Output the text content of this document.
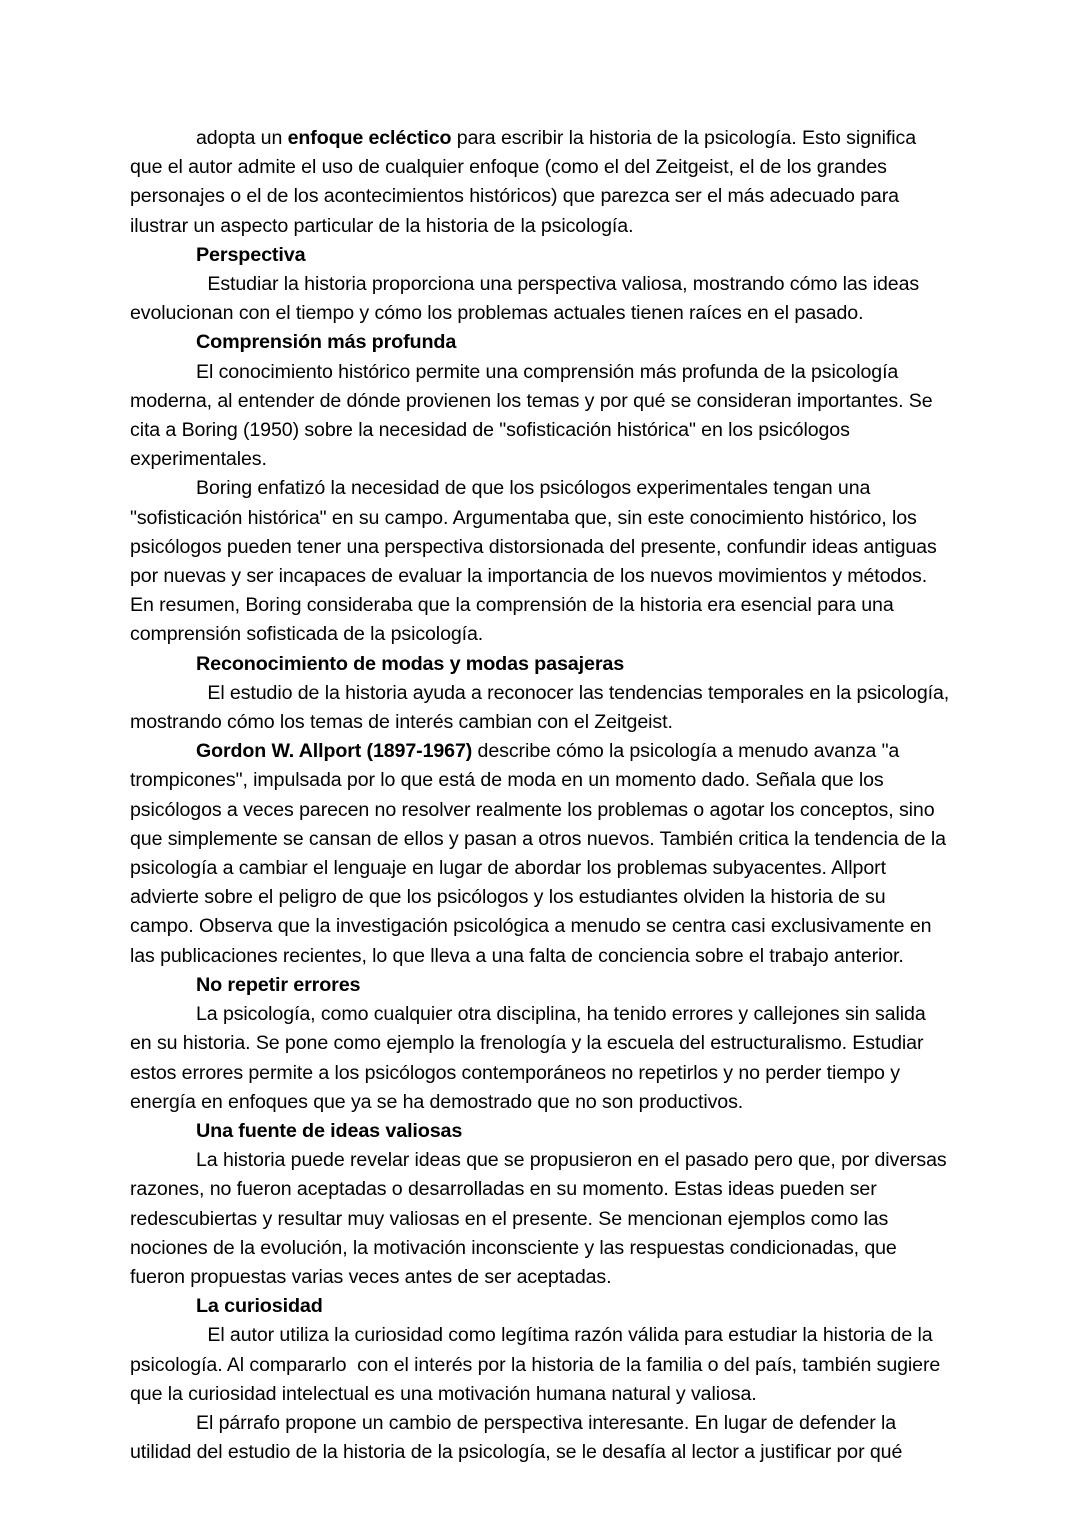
adopta un enfoque ecléctico para escribir la historia de la psicología. Esto significa que el autor admite el uso de cualquier enfoque (como el del Zeitgeist, el de los grandes personajes o el de los acontecimientos históricos) que parezca ser el más adecuado para ilustrar un aspecto particular de la historia de la psicología.

Perspectiva

Estudiar la historia proporciona una perspectiva valiosa, mostrando cómo las ideas evolucionan con el tiempo y cómo los problemas actuales tienen raíces en el pasado.

Comprensión más profunda

El conocimiento histórico permite una comprensión más profunda de la psicología moderna, al entender de dónde provienen los temas y por qué se consideran importantes. Se cita a Boring (1950) sobre la necesidad de "sofisticación histórica" en los psicólogos experimentales.

Boring enfatizó la necesidad de que los psicólogos experimentales tengan una "sofisticación histórica" en su campo. Argumentaba que, sin este conocimiento histórico, los psicólogos pueden tener una perspectiva distorsionada del presente, confundir ideas antiguas por nuevas y ser incapaces de evaluar la importancia de los nuevos movimientos y métodos. En resumen, Boring consideraba que la comprensión de la historia era esencial para una comprensión sofisticada de la psicología.

Reconocimiento de modas y modas pasajeras

El estudio de la historia ayuda a reconocer las tendencias temporales en la psicología, mostrando cómo los temas de interés cambian con el Zeitgeist.

Gordon W. Allport (1897-1967) describe cómo la psicología a menudo avanza "a trompicones", impulsada por lo que está de moda en un momento dado. Señala que los psicólogos a veces parecen no resolver realmente los problemas o agotar los conceptos, sino que simplemente se cansan de ellos y pasan a otros nuevos. También critica la tendencia de la psicología a cambiar el lenguaje en lugar de abordar los problemas subyacentes. Allport  advierte sobre el peligro de que los psicólogos y los estudiantes olviden la historia de su campo. Observa que la investigación psicológica a menudo se centra casi exclusivamente en las publicaciones recientes, lo que lleva a una falta de conciencia sobre el trabajo anterior.

No repetir errores

La psicología, como cualquier otra disciplina, ha tenido errores y callejones sin salida en su historia. Se pone como ejemplo la frenología y la escuela del estructuralismo. Estudiar estos errores permite a los psicólogos contemporáneos no repetirlos y no perder tiempo y energía en enfoques que ya se ha demostrado que no son productivos.

Una fuente de ideas valiosas

La historia puede revelar ideas que se propusieron en el pasado pero que, por diversas razones, no fueron aceptadas o desarrolladas en su momento. Estas ideas pueden ser redescubiertas y resultar muy valiosas en el presente. Se mencionan ejemplos como las nociones de la evolución, la motivación inconsciente y las respuestas condicionadas, que fueron propuestas varias veces antes de ser aceptadas.

La curiosidad

El autor utiliza la curiosidad como legítima razón válida para estudiar la historia de la psicología. Al compararlo  con el interés por la historia de la familia o del país, también sugiere que la curiosidad intelectual es una motivación humana natural y valiosa.

El párrafo propone un cambio de perspectiva interesante. En lugar de defender la utilidad del estudio de la historia de la psicología, se le desafía al lector a justificar por qué
